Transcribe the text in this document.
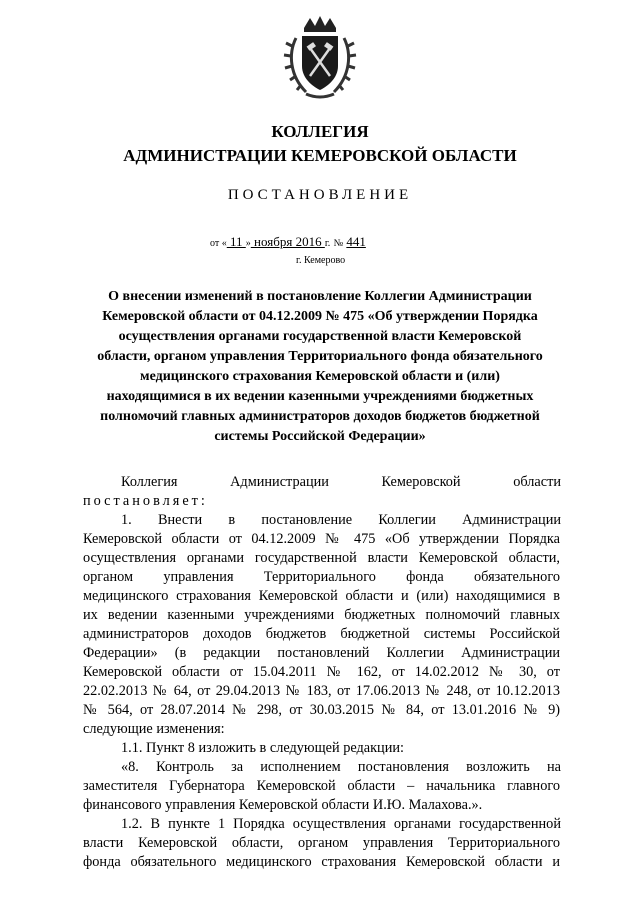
КОЛЛЕГИЯ
АДМИНИСТРАЦИИ КЕМЕРОВСКОЙ ОБЛАСТИ
ПОСТАНОВЛЕНИЕ
от « 11 » ноября 2016 г. № 441
г. Кемерово
О внесении изменений в постановление Коллегии Администрации
Кемеровской области от 04.12.2009 № 475 «Об утверждении Порядка
осуществления органами государственной власти Кемеровской
области, органом управления Территориального фонда обязательного
медицинского страхования Кемеровской области и (или)
находящимися в их ведении казенными учреждениями бюджетных
полномочий главных администраторов доходов бюджетов бюджетной
системы Российской Федерации»
Коллегия Администрации Кемеровской области
постановляет:
1. Внести в постановление Коллегии Администрации
Кемеровской области от 04.12.2009 № 475 «Об утверждении Порядка
осуществления органами государственной власти Кемеровской области,
органом управления Территориального фонда обязательного
медицинского страхования Кемеровской области и (или) находящимися в
их ведении казенными учреждениями бюджетных полномочий главных
администраторов доходов бюджетов бюджетной системы Российской
Федерации» (в редакции постановлений Коллегии Администрации
Кемеровской области от 15.04.2011 № 162, от 14.02.2012 № 30, от
22.02.2013 № 64, от 29.04.2013 № 183, от 17.06.2013 № 248, от 10.12.2013
№ 564, от 28.07.2014 № 298, от 30.03.2015 № 84, от 13.01.2016 № 9)
следующие изменения:
1.1. Пункт 8 изложить в следующей редакции:
«8. Контроль за исполнением постановления возложить на
заместителя Губернатора Кемеровской области – начальника главного
финансового управления Кемеровской области И.Ю. Малахова.».
1.2. В пункте 1 Порядка осуществления органами государственной
власти Кемеровской области, органом управления Территориального
фонда обязательного медицинского страхования Кемеровской области и
